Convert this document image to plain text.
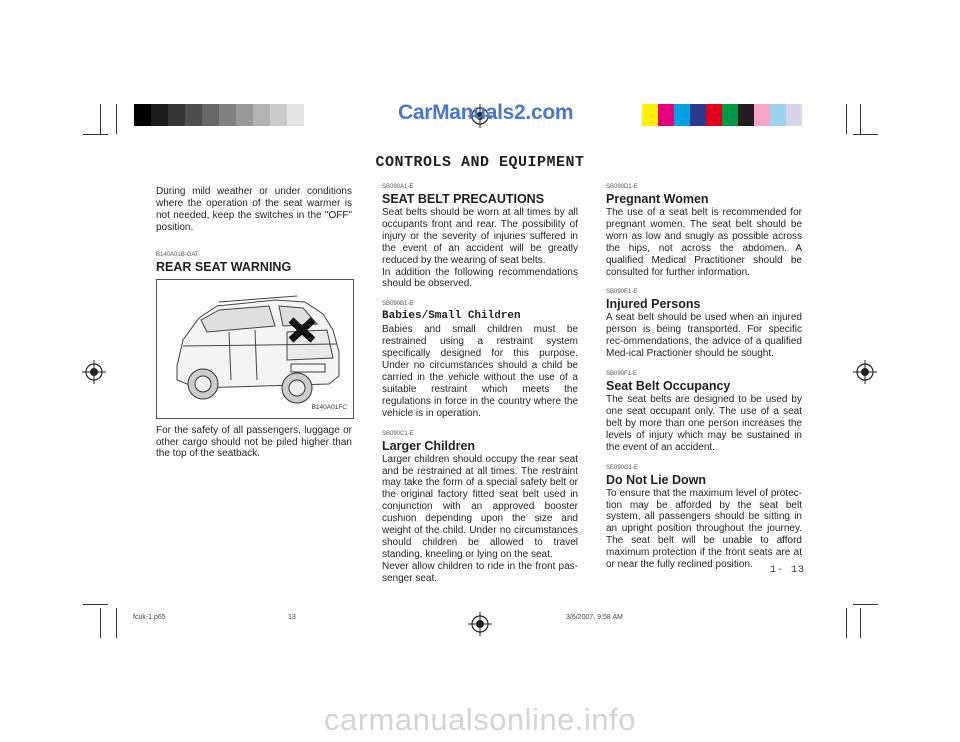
CarManuals2.com
CONTROLS AND EQUIPMENT
During mild weather or under conditions where the operation of the seat warmer is not needed, keep the switches in the "OFF" position.
B140A01B-GAT
REAR SEAT WARNING
B140A01FC
For the safety of all passengers, luggage or other cargo should not be piled higher than the top of the seatback.
SB090A1-E
SEAT BELT PRECAUTIONS
Seat belts should be worn at all times by all occupants front and rear. The possibility of injury or the severity of injuries suffered in the event of an accident will be greatly reduced by the wearing of seat belts.
In addition the following recommendations should be observed.
SB090B1-E
Babies/Small Children
Babies and small children must be restrained using a restraint system specifically designed for this purpose. Under no circumstances should a child be carried in the vehicle without the use of a suitable restraint which meets the regulations in force in the country where the vehicle is in operation.
SB090C1-E
Larger Children
Larger children should occupy the rear seat and be restrained at all times. The restraint may take the form of a special safety belt or the original factory fitted seat belt used in conjunction with an approved booster cushion depending upon the size and weight of the child. Under no circumstances should children be allowed to travel standing, kneeling or lying on the seat.
Never allow children to ride in the front pas-senger seat.
SB090D1-E
Pregnant Women
The use of a seat belt is recommended for pregnant women. The seat belt should be worn as low and snugly as possible across the hips, not across the abdomen. A qualified Medical Practitioner should be consulted for further information.
SB090E1-E
Injured Persons
A seat belt should be used when an injured person is being transported. For specific rec-ommendations, the advice of a qualified Med-ical Practioner should be sought.
SB090F1-E
Seat Belt Occupancy
The seat belts are designed to be used by one seat occupant only. The use of a seat belt by more than one person increases the levels of injury which may be sustained in the event of an accident.
SE090G1-E
Do Not Lie Down
To ensure that the maximum level of protec-tion may be afforded by the seat belt system, all passengers should be sitting in an upright position throughout the journey. The seat belt will be unable to afford maximum protection if the front seats are at or near the fully reclined position.
1- 13
fcuk-1.p65	13	3/6/2007, 9:58 AM
carmanualsonline.info
